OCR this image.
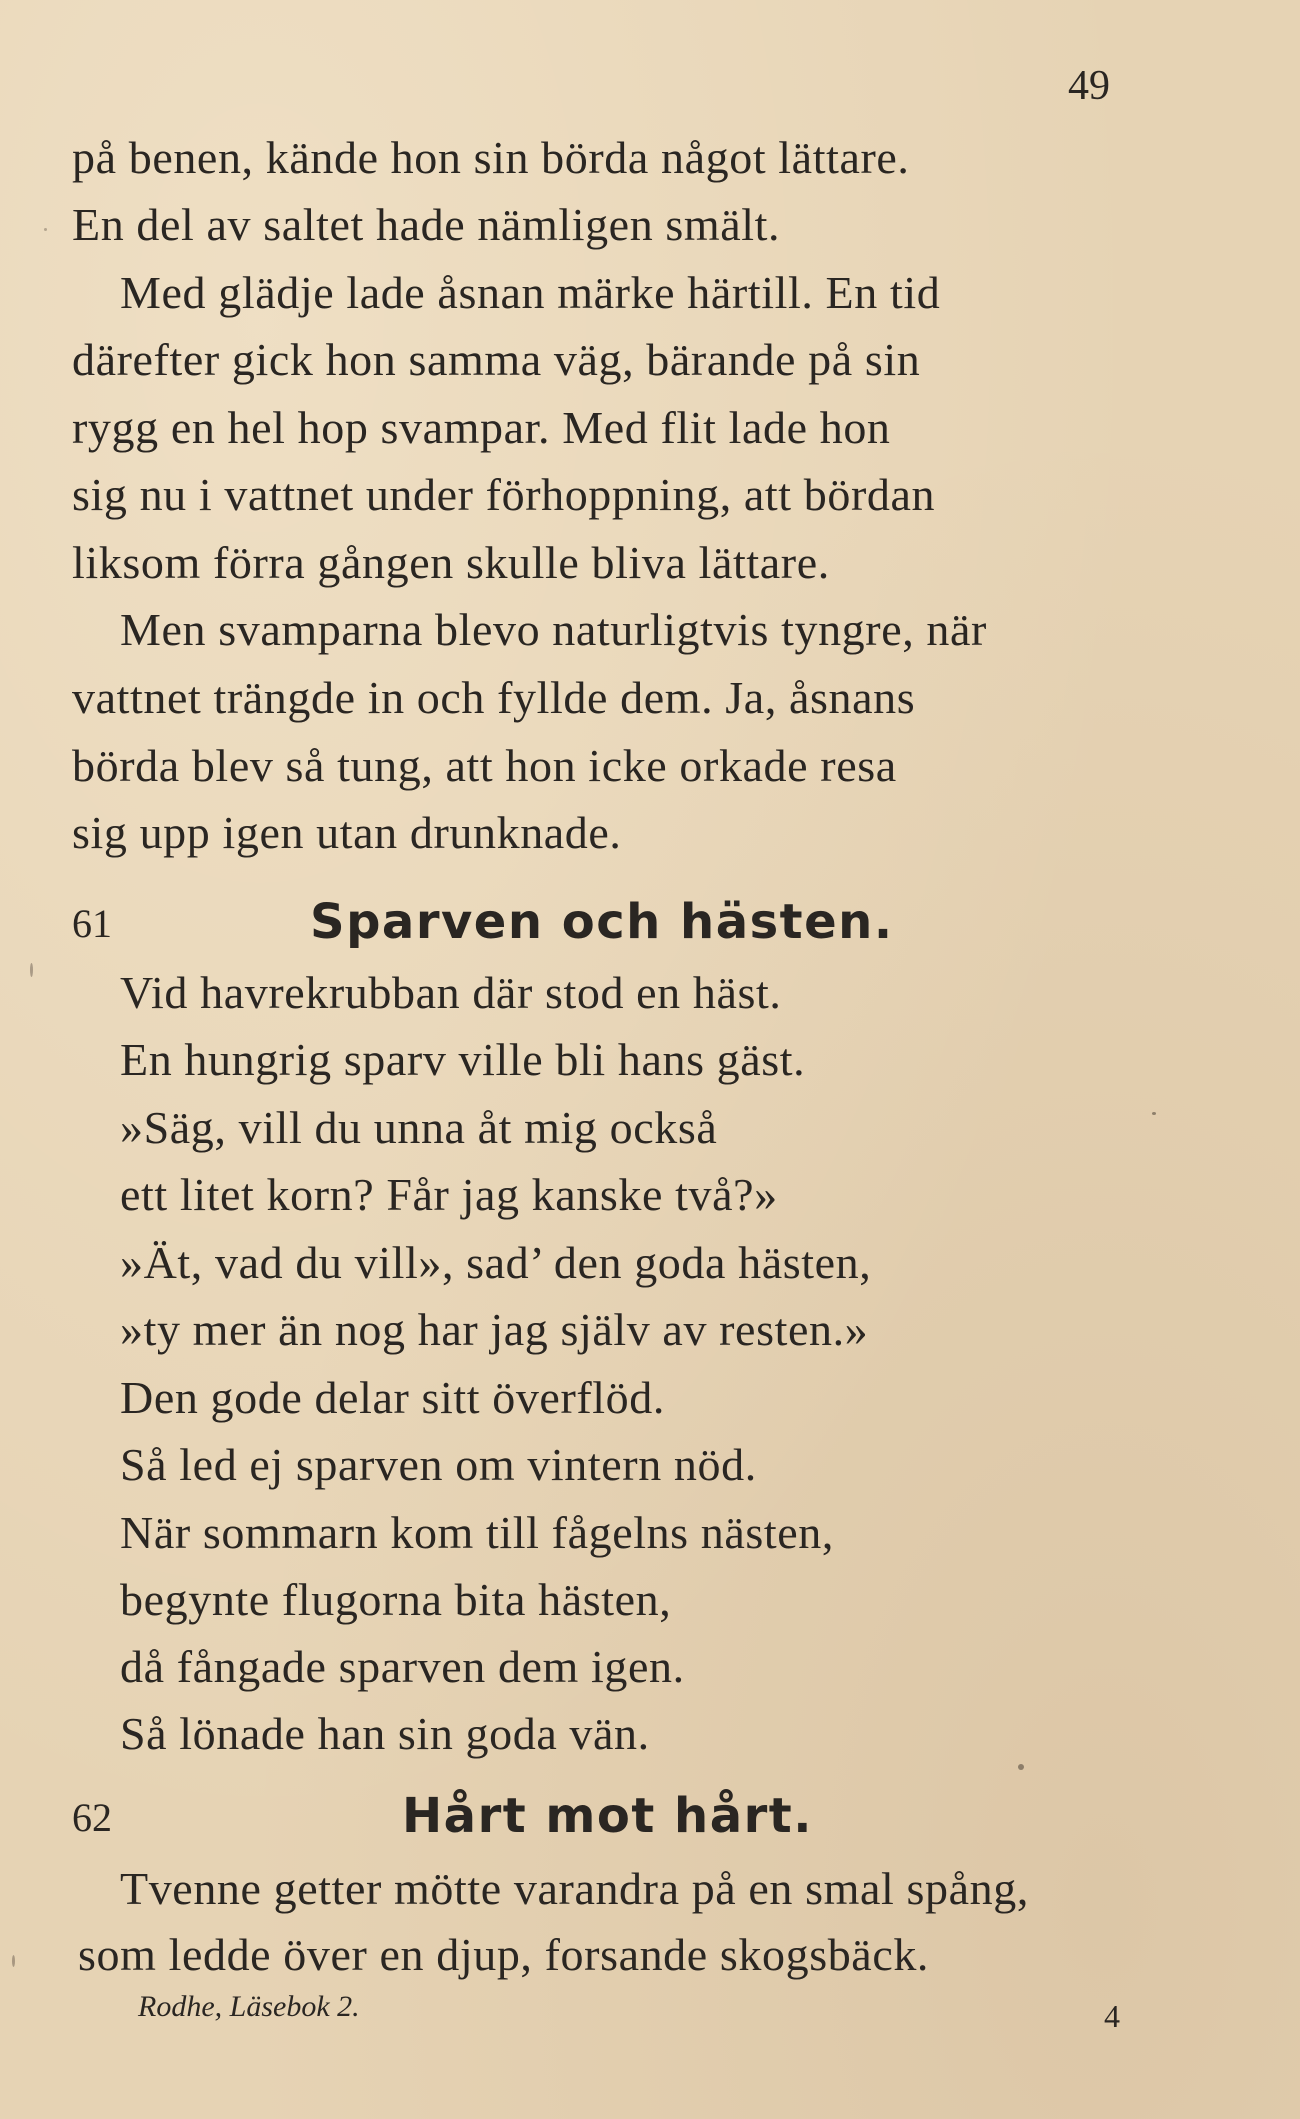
49
på benen, kände hon sin börda något lättare.
En del av saltet hade nämligen smält.
Med glädje lade åsnan märke härtill. En tid
därefter gick hon samma väg, bärande på sin
rygg en hel hop svampar. Med flit lade hon
sig nu i vattnet under förhoppning, att bördan
liksom förra gången skulle bliva lättare.
Men svamparna blevo naturligtvis tyngre, när
vattnet trängde in och fyllde dem. Ja, åsnans
börda blev så tung, att hon icke orkade resa
sig upp igen utan drunknade.
61	Sparven och hästen.
Vid havrekrubban där stod en häst.
En hungrig sparv ville bli hans gäst.
»Säg, vill du unna åt mig också
ett litet korn? Får jag kanske två?»
»Ät, vad du vill», sad’ den goda hästen,
»ty mer än nog har jag själv av resten.»
Den gode delar sitt överflöd.
Så led ej sparven om vintern nöd.
När sommarn kom till fågelns nästen,
begynte flugorna bita hästen,
då fångade sparven dem igen.
Så lönade han sin goda vän.
62	Hårt mot hårt.
Tvenne getter mötte varandra på en smal spång,
som ledde över en djup, forsande skogsbäck.
Rodhe, Läsebok 2.	4
